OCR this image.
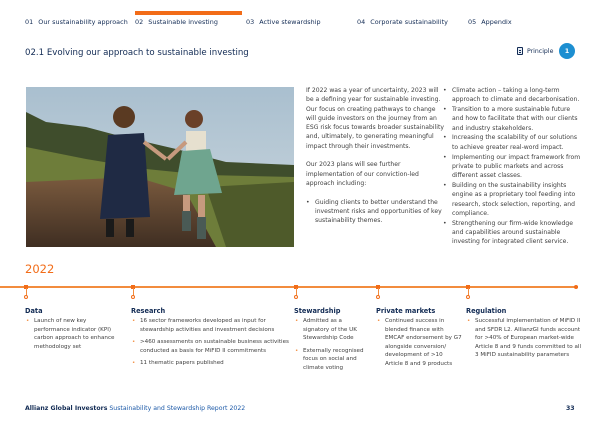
01 Our sustainability approach 02 Sustainable investing	03 Active stewardship	04 Corporate sustainability	05 Appendix
02.1 Evolving our approach to sustainable investing	Principle	1

If 2022 was a year of uncertainty, 2023 will be a defining year for sustainable investing. Our focus on creating pathways to change will guide investors on the journey from an ESG risk focus towards broader sustainability and, ultimately, to generating meaningful impact through their investments.

Our 2023 plans will see further implementation of our conviction-led approach including:

• Guiding clients to better understand the investment risks and opportunities of key sustainability themes.
• Climate action – taking a long-term approach to climate and decarbonisation.
• Transition to a more sustainable future and how to facilitate that with our clients and industry stakeholders.
• Increasing the scalability of our solutions to achieve greater real-word impact.
• Implementing our impact framework from private to public markets and across different asset classes.
• Building on the sustainability insights engine as a proprietary tool feeding into research, stock selection, reporting, and compliance.
• Strengthening our firm-wide knowledge and capabilities around sustainable investing for integrated client service.
2022
Data
• Launch of new key performance indicator (KPI) carbon approach to enhance methodology set
Research
• 16 sector frameworks developed as input for stewardship activities and investment decisions
• >460 assessments on sustainable business activities conducted as basis for MiFID II commitments
• 11 thematic papers published
Stewardship
• Admitted as a signatory of the UK Stewardship Code
• Externally recognised focus on social and climate voting
Private markets
• Continued success in blended finance with EMCAF endorsement by G7 alongside conversion/ development of >10 Article 8 and 9 products
Regulation
• Successful implementation of MiFID II and SFDR L2. AllianzGI funds account for >40% of European market-wide Article 8 and 9 funds committed to all 3 MiFID sustainability parameters
Allianz Global Investors Sustainability and Stewardship Report 2022	33
